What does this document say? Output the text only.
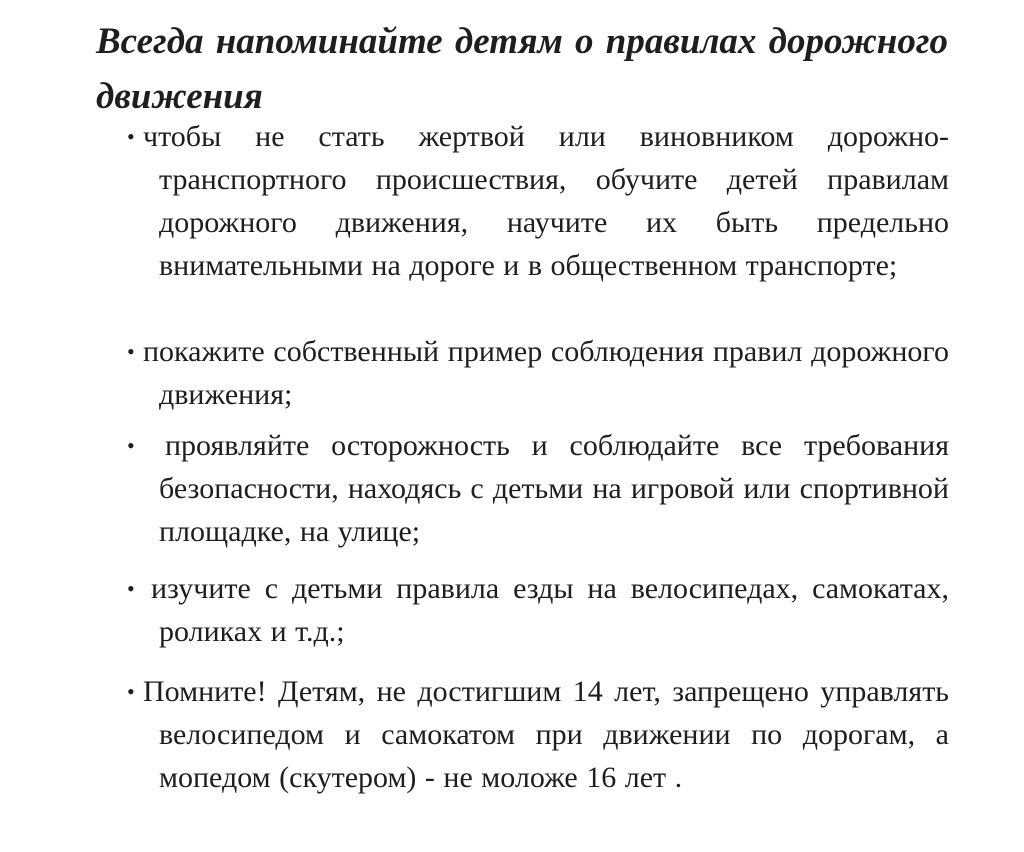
Всегда напоминайте детям о правилах дорожного движения
• чтобы не стать жертвой или виновником дорожно-транспортного происшествия, обучите детей правилам дорожного движения, научите их быть предельно внимательными на дороге и в общественном транспорте;
• покажите собственный пример соблюдения правил дорожного движения;
• проявляйте осторожность и соблюдайте все требования безопасности, находясь с детьми на игровой или спортивной площадке, на улице;
• изучите с детьми правила езды на велосипедах, самокатах, роликах и т.д.;
• Помните! Детям, не достигшим 14 лет, запрещено управлять велосипедом и самокатом при движении по дорогам, а мопедом (скутером) - не моложе 16 лет .
